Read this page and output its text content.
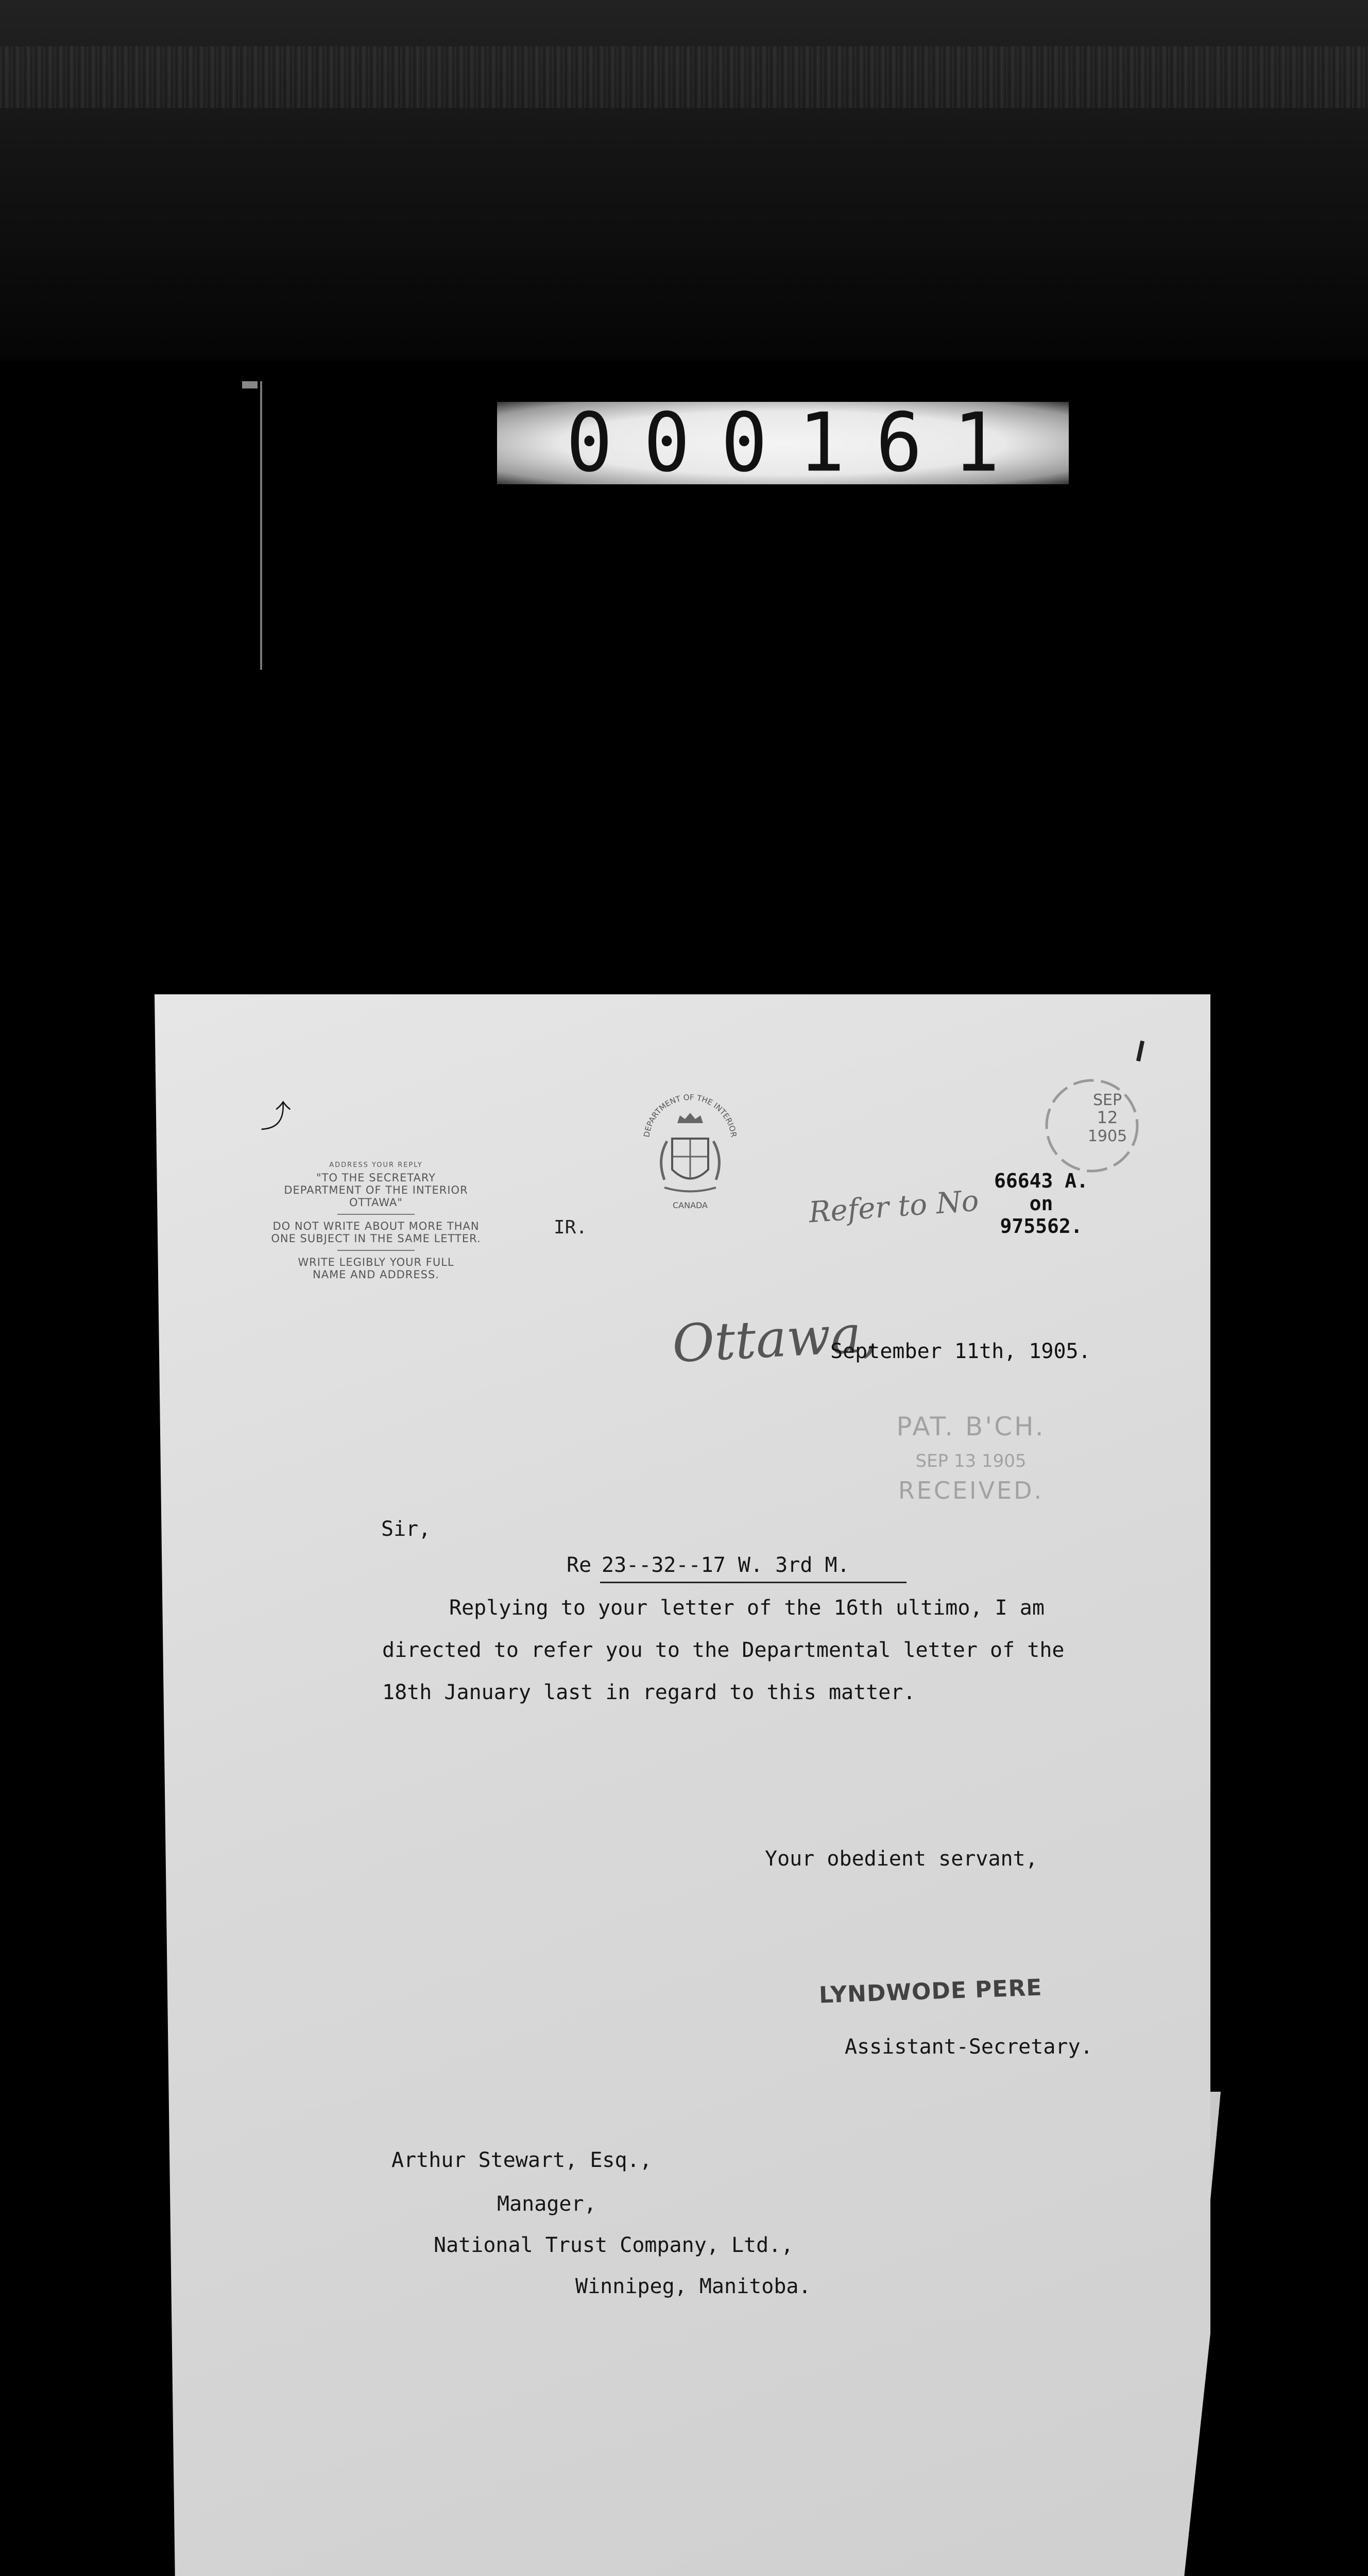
000161
⤴
ADDRESS YOUR REPLY
"TO THE SECRETARY
DEPARTMENT OF THE INTERIOR
OTTAWA"
DO NOT WRITE ABOUT MORE THAN
ONE SUBJECT IN THE SAME LETTER.
WRITE LEGIBLY YOUR FULL
NAME AND ADDRESS.
DEPARTMENT OF THE INTERIOR
CANADA
IR.	Refer to No
SEP
12
1905
66643 A.
on
975562.
Ottawa,
September 11th, 1905.
PAT. B'CH.
SEP 13 1905
RECEIVED.
Sir,
Re 23--32--17 W. 3rd M.
Replying to your letter of the 16th ultimo, I am
directed to refer you to the Departmental letter of the
18th January last in regard to this matter.
Your obedient servant,
LYNDWODE PERE
Assistant-Secretary.
Arthur Stewart, Esq.,
Manager,
National Trust Company, Ltd.,
Winnipeg, Manitoba.
